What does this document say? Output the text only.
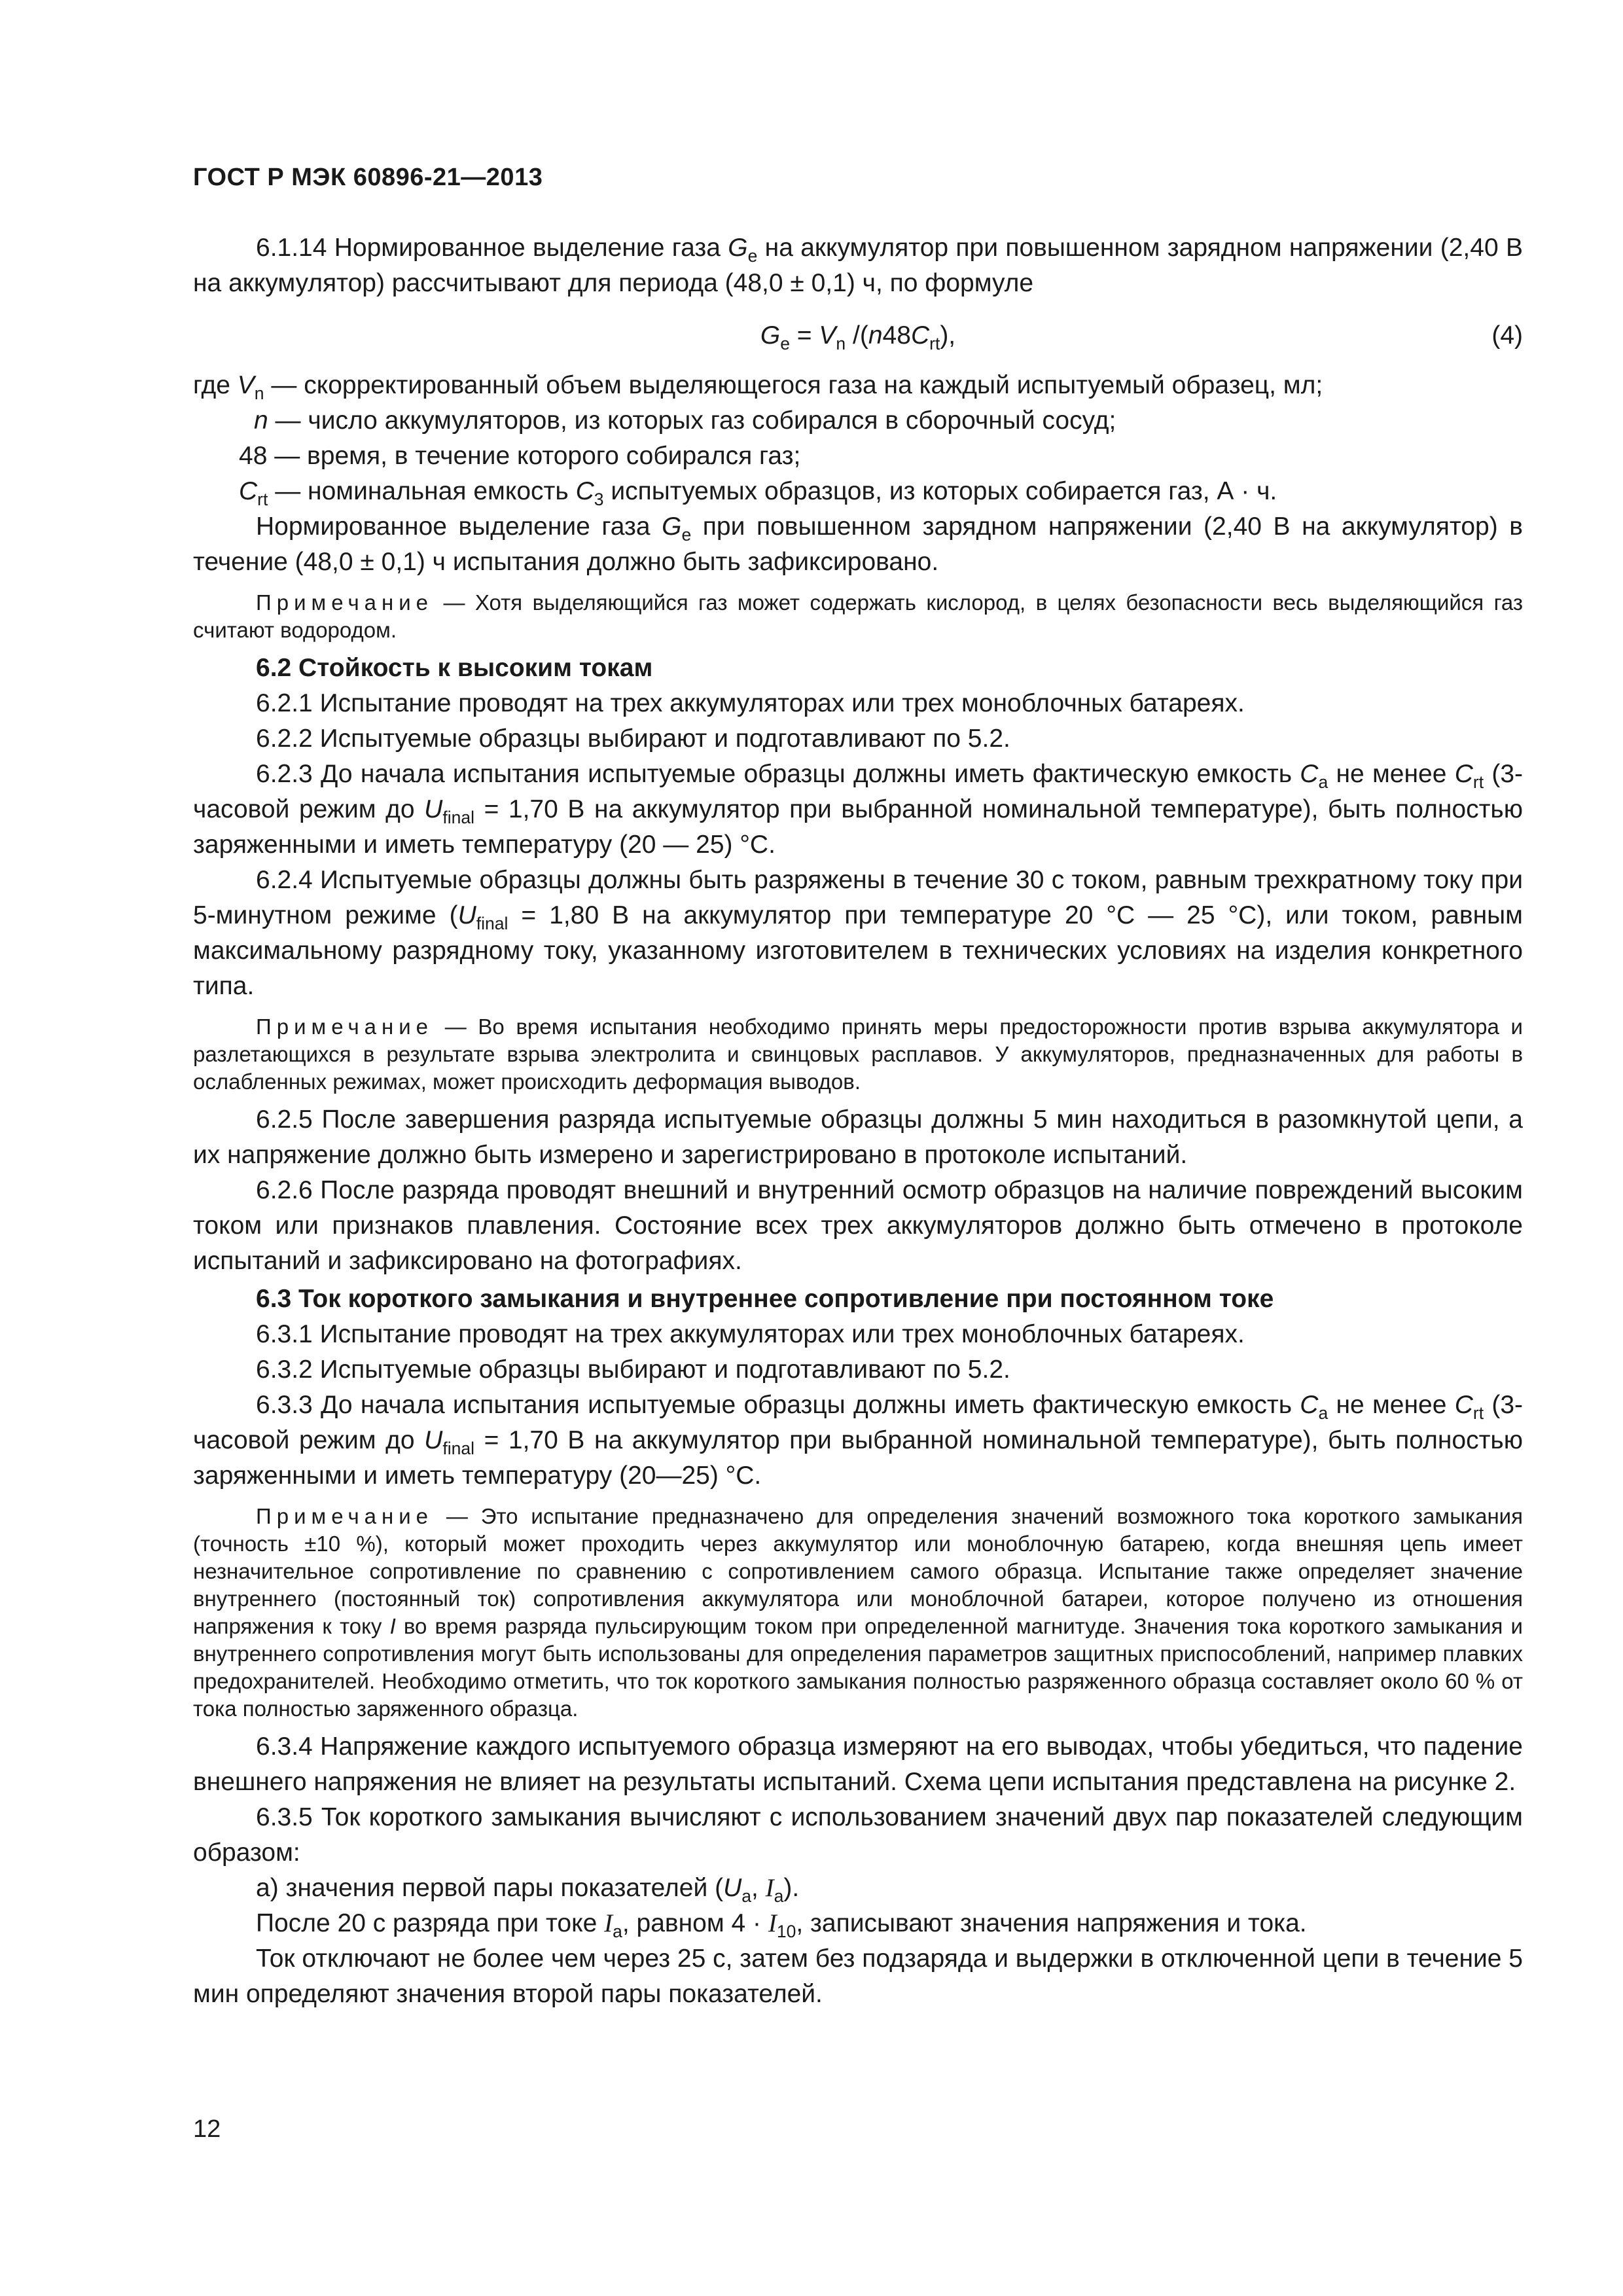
ГОСТ Р МЭК 60896-21—2013

6.1.14 Нормированное выделение газа $G_e$ на аккумулятор при повышенном зарядном напряжении (2,40 В на аккумулятор) рассчитывают для периода (48,0 ± 0,1) ч, по формуле

$G_e = V_n$ $/(n48C_{rt})$,	(4)

где $V_n$ — скорректированный объем выделяющегося газа на каждый испытуемый образец, мл;

n — число аккумуляторов, из которых газ собирался в сборочный сосуд;

48 — время, в течение которого собирался газ;

$C_{rt}$ — номинальная емкость $C_3$ испытуемых образцов, из которых собирается газ, А · ч.

Нормированное выделение газа $G_e$ при повышенном зарядном напряжении (2,40 В на аккумулятор) в течение (48,0 ± 0,1) ч испытания должно быть зафиксировано.

Примечание — Хотя выделяющийся газ может содержать кислород, в целях безопасности весь выделяющийся газ считают водородом.

6.2 Стойкость к высоким токам

6.2.1 Испытание проводят на трех аккумуляторах или трех моноблочных батареях.

6.2.2 Испытуемые образцы выбирают и подготавливают по 5.2.

6.2.3 До начала испытания испытуемые образцы должны иметь фактическую емкость $C_a$ не менее $C_{rt}$ (3-часовой режим до $U_{final} = 1,70$ В на аккумулятор при выбранной номинальной температуре), быть полностью заряженными и иметь температуру (20 — 25) °С.

6.2.4 Испытуемые образцы должны быть разряжены в течение 30 с током, равным трехкратному току при 5-минутном режиме ($U_{final} = 1,80$ В на аккумулятор при температуре 20 °С — 25 °С), или током, равным максимальному разрядному току, указанному изготовителем в технических условиях на изделия конкретного типа.

Примечание — Во время испытания необходимо принять меры предосторожности против взрыва аккумулятора и разлетающихся в результате взрыва электролита и свинцовых расплавов. У аккумуляторов, предназначенных для работы в ослабленных режимах, может происходить деформация выводов.

6.2.5 После завершения разряда испытуемые образцы должны 5 мин находиться в разомкнутой цепи, а их напряжение должно быть измерено и зарегистрировано в протоколе испытаний.

6.2.6 После разряда проводят внешний и внутренний осмотр образцов на наличие повреждений высоким током или признаков плавления. Состояние всех трех аккумуляторов должно быть отмечено в протоколе испытаний и зафиксировано на фотографиях.

6.3 Ток короткого замыкания и внутреннее сопротивление при постоянном токе

6.3.1 Испытание проводят на трех аккумуляторах или трех моноблочных батареях.

6.3.2 Испытуемые образцы выбирают и подготавливают по 5.2.

6.3.3 До начала испытания испытуемые образцы должны иметь фактическую емкость $C_a$ не менее $C_{rt}$ (3-часовой режим до $U_{final} = 1,70$ В на аккумулятор при выбранной номинальной температуре), быть полностью заряженными и иметь температуру (20—25) °С.

Примечание — Это испытание предназначено для определения значений возможного тока короткого замыкания (точность ±10 %), который может проходить через аккумулятор или моноблочную батарею, когда внешняя цепь имеет незначительное сопротивление по сравнению с сопротивлением самого образца. Испытание также определяет значение внутреннего (постоянный ток) сопротивления аккумулятора или моноблочной батареи, которое получено из отношения напряжения к току I во время разряда пульсирующим током при определенной магнитуде. Значения тока короткого замыкания и внутреннего сопротивления могут быть использованы для определения параметров защитных приспособлений, например плавких предохранителей. Необходимо отметить, что ток короткого замыкания полностью разряженного образца составляет около 60 % от тока полностью заряженного образца.

6.3.4 Напряжение каждого испытуемого образца измеряют на его выводах, чтобы убедиться, что падение внешнего напряжения не влияет на результаты испытаний. Схема цепи испытания представлена на рисунке 2.

6.3.5 Ток короткого замыкания вычисляют с использованием значений двух пар показателей следующим образом:

а) значения первой пары показателей ($U_a$, $I_a$).

После 20 с разряда при токе $I_a$, равном $4 \cdot I_{10}$, записывают значения напряжения и тока.

Ток отключают не более чем через 25 с, затем без подзаряда и выдержки в отключенной цепи в течение 5 мин определяют значения второй пары показателей.

12
